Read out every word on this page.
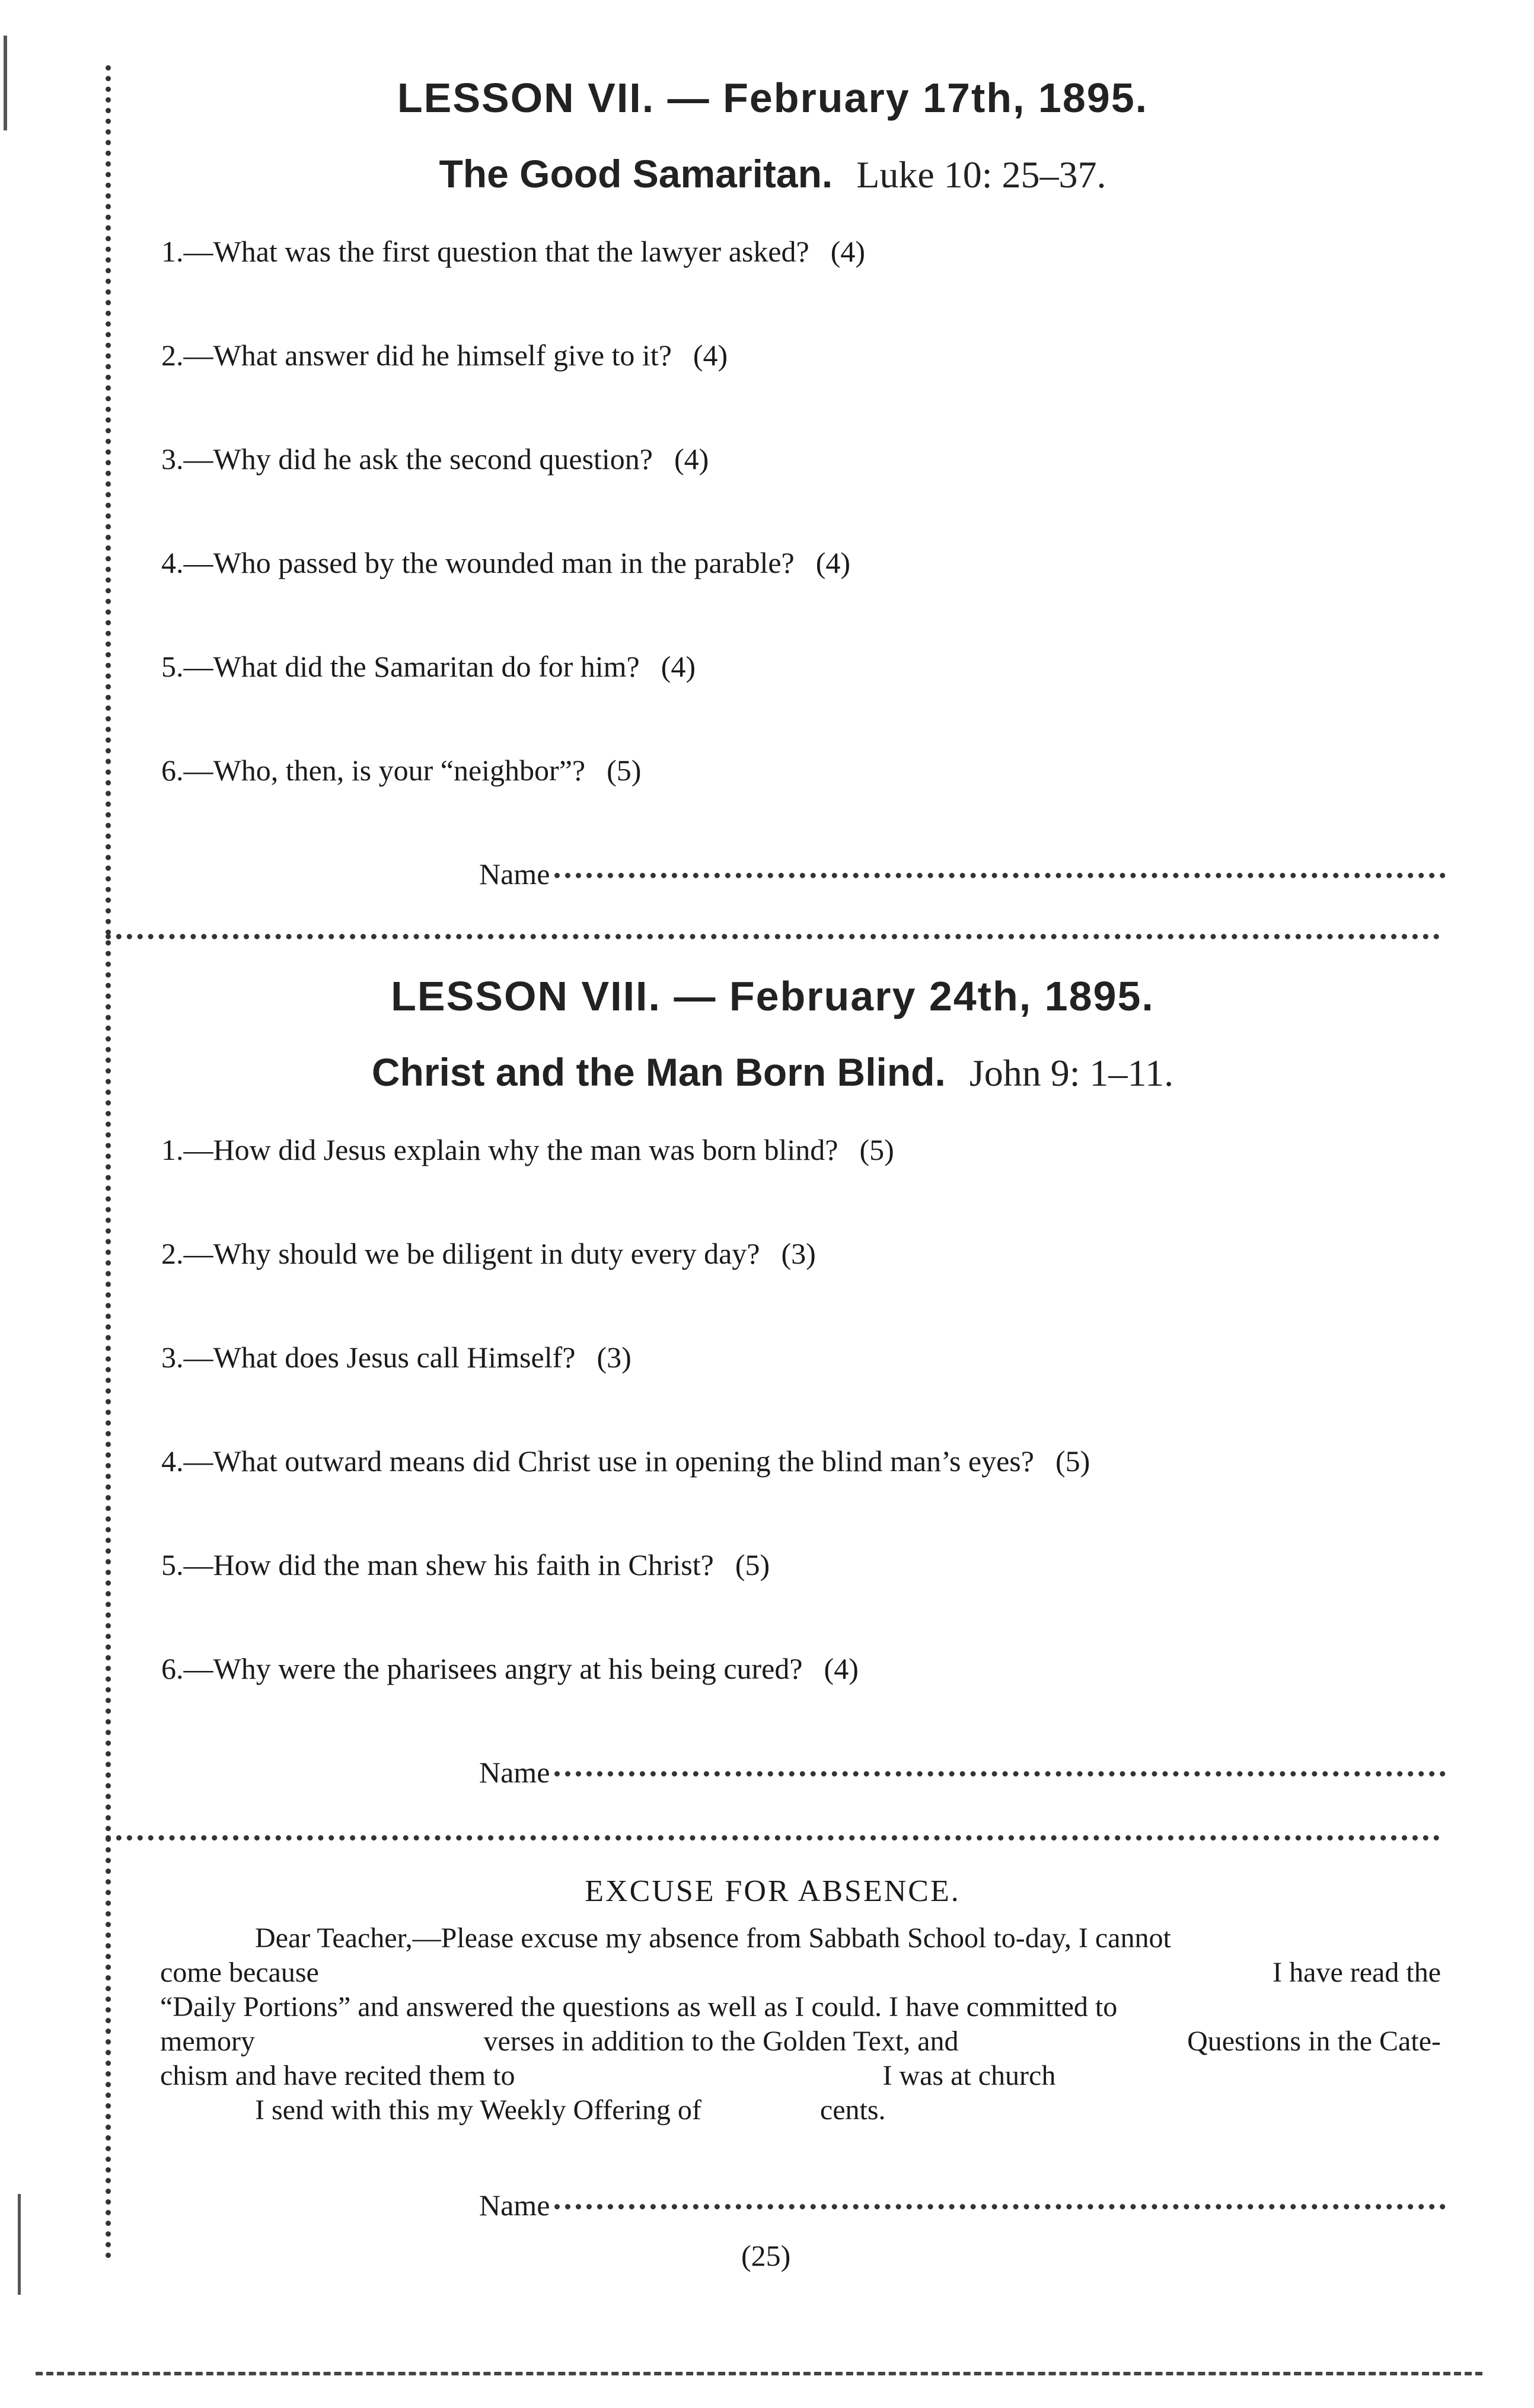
LESSON VII. — February 17th, 1895.
The Good Samaritan. Luke 10: 25–37.
1.—What was the first question that the lawyer asked? (4)
2.—What answer did he himself give to it? (4)
3.—Why did he ask the second question? (4)
4.—Who passed by the wounded man in the parable? (4)
5.—What did the Samaritan do for him? (4)
6.—Who, then, is your “neighbor”? (5)
Name
LESSON VIII. — February 24th, 1895.
Christ and the Man Born Blind. John 9: 1–11.
1.—How did Jesus explain why the man was born blind? (5)
2.—Why should we be diligent in duty every day? (3)
3.—What does Jesus call Himself? (3)
4.—What outward means did Christ use in opening the blind man’s eyes? (5)
5.—How did the man shew his faith in Christ? (5)
6.—Why were the pharisees angry at his being cured? (4)
Name
EXCUSE FOR ABSENCE.
Dear Teacher,—Please excuse my absence from Sabbath School to-day, I cannot
come because	I have read the
“Daily Portions” and answered the questions as well as I could. I have committed to
memory	verses in addition to the Golden Text, and	Questions in the Cate-
chism and have recited them to	I was at church
I send with this my Weekly Offering of	cents.
Name
(25)
